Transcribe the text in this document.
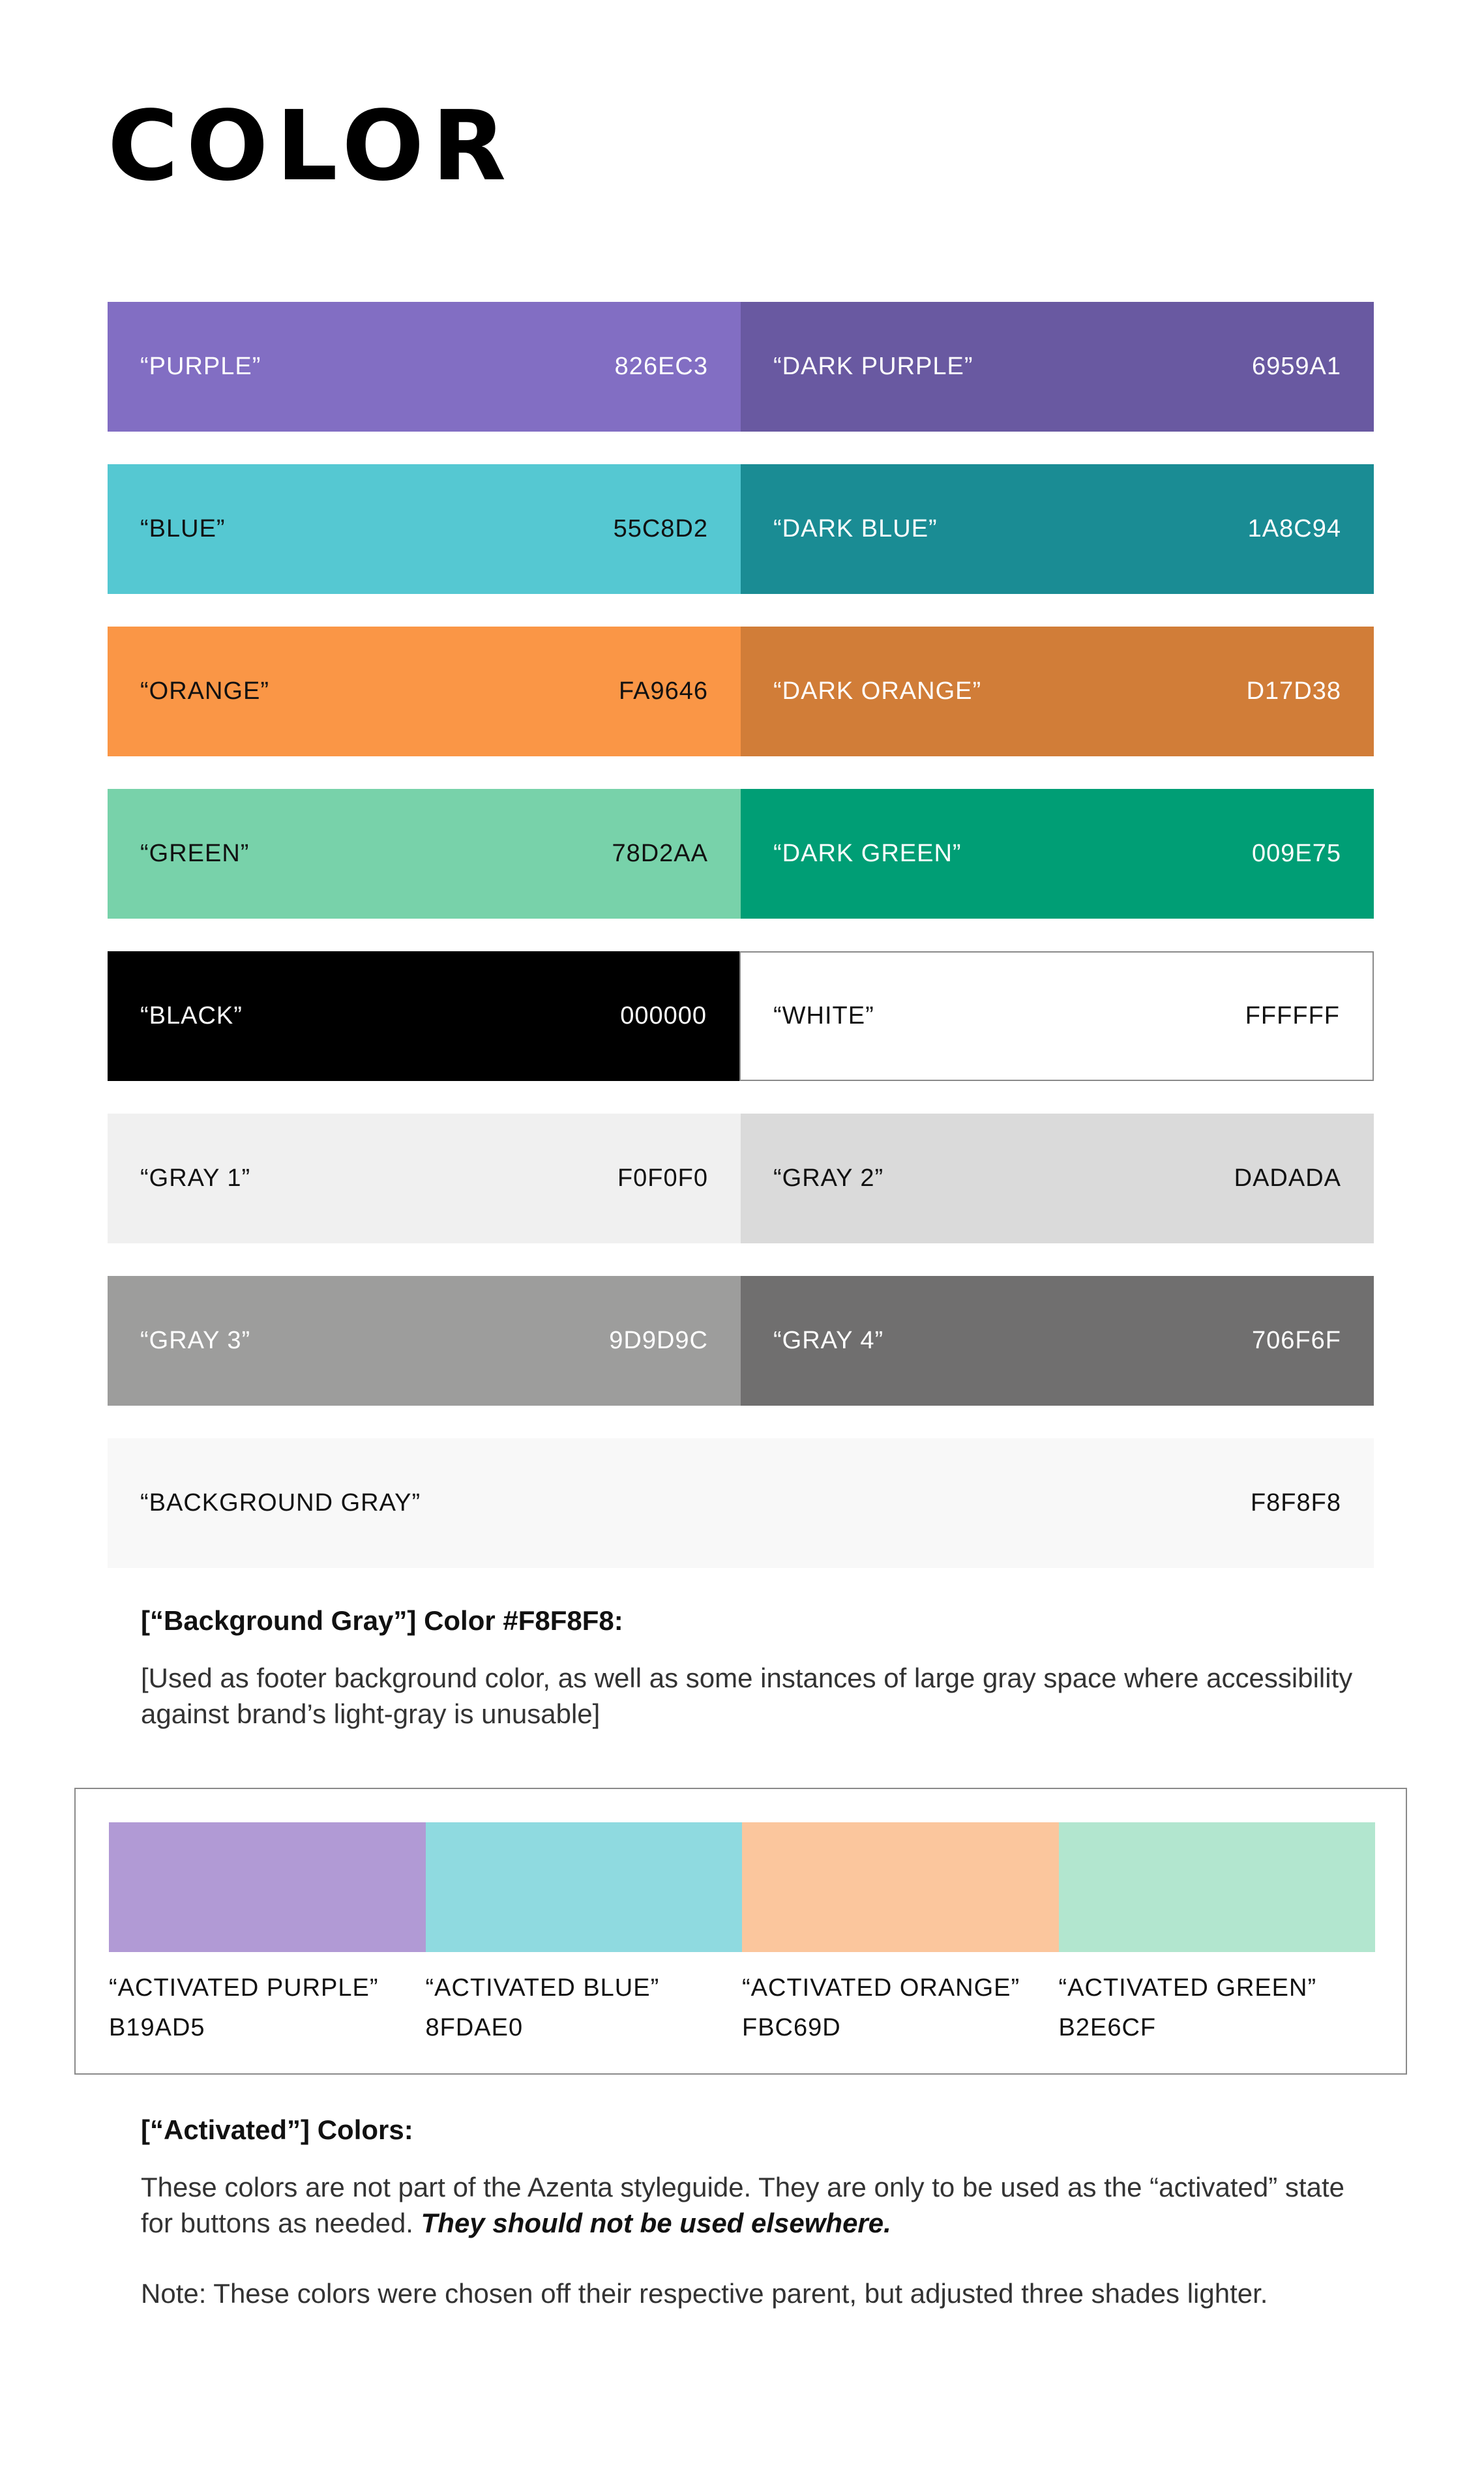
COLOR
“PURPLE”	826EC3	“DARK PURPLE”	6959A1
“BLUE”	55C8D2	“DARK BLUE”	1A8C94
“ORANGE”	FA9646	“DARK ORANGE”	D17D38
“GREEN”	78D2AA	“DARK GREEN”	009E75
“BLACK”	000000	“WHITE”	FFFFFF
“GRAY 1”	F0F0F0	“GRAY 2”	DADADA
“GRAY 3”	9D9D9C	“GRAY 4”	706F6F
“BACKGROUND GRAY”	F8F8F8

[“Background Gray”] Color #F8F8F8:

[Used as footer background color, as well as some instances of large gray space where accessibility against brand’s light-gray is unusable]

“ACTIVATED PURPLE”
B19AD5
“ACTIVATED BLUE”
8FDAE0
“ACTIVATED ORANGE”
FBC69D
“ACTIVATED GREEN”
B2E6CF

[“Activated”] Colors:

These colors are not part of the Azenta styleguide. They are only to be used as the “activated” state for buttons as needed. They should not be used elsewhere.

Note: These colors were chosen off their respective parent, but adjusted three shades lighter.
